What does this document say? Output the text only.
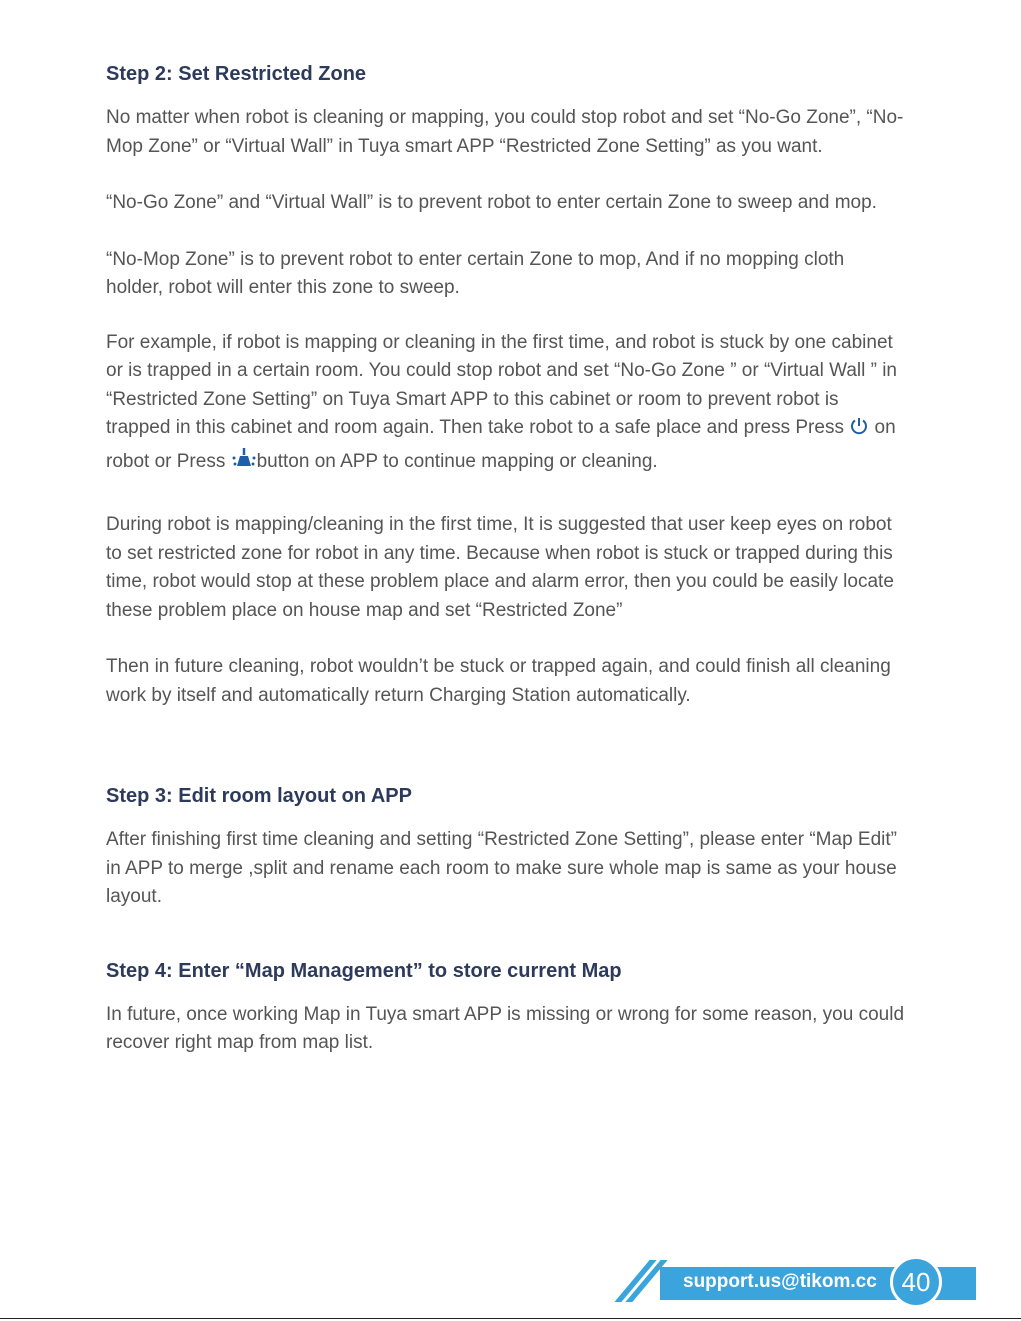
Step 2: Set Restricted Zone

No matter when robot is cleaning or mapping, you could stop robot and set “No-Go Zone”, “No-Mop Zone” or “Virtual Wall” in Tuya smart APP “Restricted Zone Setting” as you want.

“No-Go Zone” and “Virtual Wall” is to prevent robot to enter certain Zone to sweep and mop.

“No-Mop Zone” is to prevent robot to enter certain Zone to mop, And if no mopping cloth holder, robot will enter this zone to sweep.

For example, if robot is mapping or cleaning in the first time, and robot is stuck by one cabinet or is trapped in a certain room. You could stop robot and set “No-Go Zone ” or “Virtual Wall ” in “Restricted Zone Setting” on Tuya Smart APP to this cabinet or room to prevent robot is trapped in this cabinet and room again. Then take robot to a safe place and press Press on robot or Press button on APP to continue mapping or cleaning.

During robot is mapping/cleaning in the first time, It is suggested that user keep eyes on robot to set restricted zone for robot in any time. Because when robot is stuck or trapped during this time, robot would stop at these problem place and alarm error, then you could be easily locate these problem place on house map and set “Restricted Zone”

Then in future cleaning, robot wouldn’t be stuck or trapped again, and could finish all cleaning work by itself and automatically return Charging Station automatically.

Step 3: Edit room layout on APP

After finishing first time cleaning and setting “Restricted Zone Setting”, please enter “Map Edit” in APP to merge ,split and rename each room to make sure whole map is same as your house layout.

Step 4: Enter “Map Management” to store current Map

In future, once working Map in Tuya smart APP is missing or wrong for some reason, you could recover right map from map list.

support.us@tikom.cc 40
